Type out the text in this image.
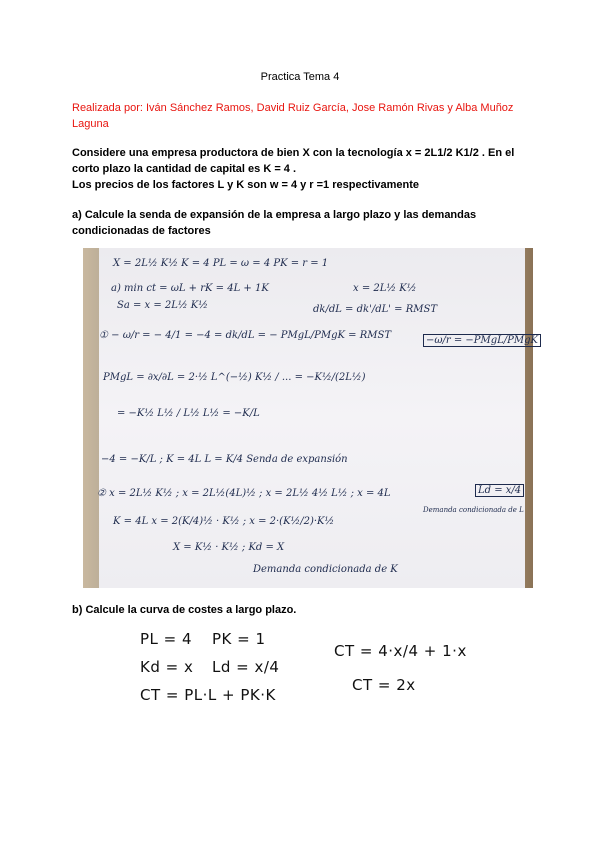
Practica Tema 4
Realizada por: Iván Sánchez Ramos, David Ruiz García, Jose Ramón Rivas y Alba Muñoz Laguna
Considere una empresa productora de bien X con la tecnología x = 2L1/2 K1/2 . En el
corto plazo la cantidad de capital es K = 4 .
Los precios de los factores L y K son w = 4 y r =1 respectivamente
a) Calcule la senda de expansión de la empresa a largo plazo y las demandas condicionadas de factores
X = 2L½ K½ K = 4 PL = ω = 4 PK = r = 1
a) min ct = ωL + rK = 4L + 1K	x = 2L½ K½
Sa = x = 2L½ K½	dk/dL = dk'/dL' = RMST
① − ω/r = − 4/1 = −4 = dk/dL = − PMgL/PMgK = RMST	−ω/r = −PMgL/PMgK
PMgL = ∂x/∂L = 2·½ L^(−½) K½ / ... = −K½/(2L½)
= −K½ L½ / L½ L½ = −K/L
−4 = −K/L ; K = 4L L = K/4 Senda de expansión
② x = 2L½ K½ ; x = 2L½(4L)½ ; x = 2L½ 4½ L½ ; x = 4L	Ld = x/4
Demanda condicionada de L
K = 4L x = 2(K/4)½ · K½ ; x = 2·(K½/2)·K½
X = K½ · K½ ; Kd = X
Demanda condicionada de K
b) Calcule la curva de costes a largo plazo.
PL = 4 PK = 1
Kd = x Ld = x/4
CT = PL·L + PK·K
CT = 4·x/4 + 1·x
CT = 2x
